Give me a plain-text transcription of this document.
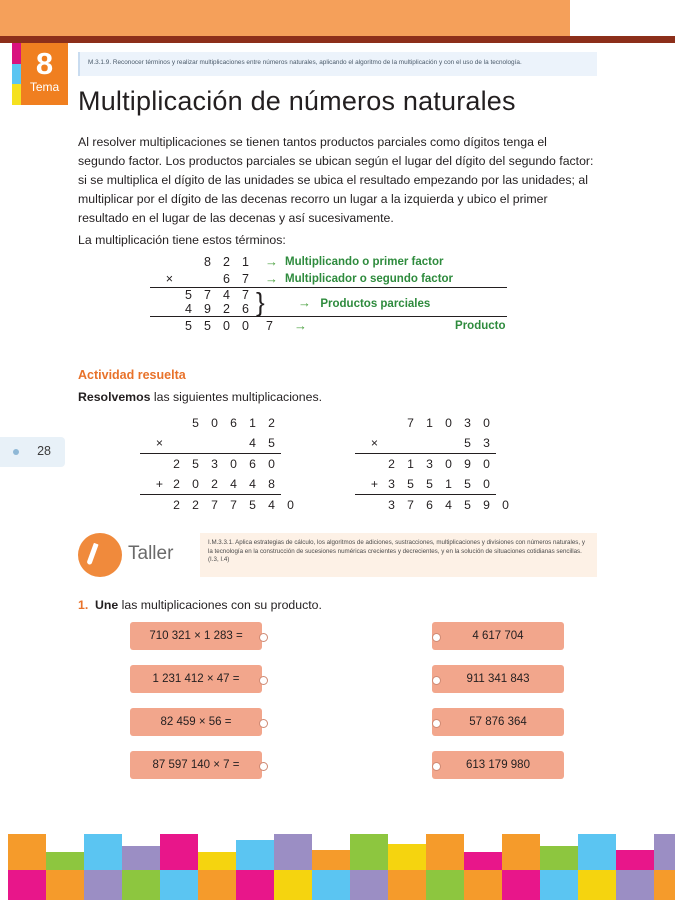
8
Tema
M.3.1.9. Reconocer términos y realizar multiplicaciones entre números naturales, aplicando el algoritmo de la multiplicación y con el uso de la tecnología.
Multiplicación de números naturales
Al resolver multiplicaciones se tienen tantos productos parciales como dígitos tenga el segundo factor. Los productos parciales se ubican según el lugar del dígito del segundo factor: si se multiplica el dígito de las unidades se ubica el resultado empezando por las unidades; al multiplicar por el dígito de las decenas recorro un lugar a la izquierda y ubico el primer resultado en el lugar de las decenas y así sucesivamente.
La multiplicación tiene estos términos:
		8	2	1	→	Multiplicando o primer factor	
×			6	7	→	Multiplicador o segundo factor	
	5	7	4	7	}	→ Productos parciales	
	4	9	2	6			
	5	5	0	0	7	→	Producto
Actividad resuelta
Resolvemos las siguientes multiplicaciones.
		5	0	6	1	2	
×					4	5	
	2	5	3	0	6	0	
+	2	0	2	4	4	8	
	2	2	7	7	5	4	0
		7	1	0	3	0	
×					5	3	
	2	1	3	0	9	0	
+	3	5	5	1	5	0	
	3	7	6	4	5	9	0
Taller
I.M.3.3.1. Aplica estrategias de cálculo, los algoritmos de adiciones, sustracciones, multiplicaciones y divisiones con números naturales, y la tecnología en la construcción de sucesiones numéricas crecientes y decrecientes, y en la solución de situaciones cotidianas sencillas. (I.3, I.4)
1. Une las multiplicaciones con su producto.
710 321 × 1 283 =
1 231 412 × 47 =
82 459 × 56 =
87 597 140 × 7 =
4 617 704
911 341 843
57 876 364
613 179 980
28
